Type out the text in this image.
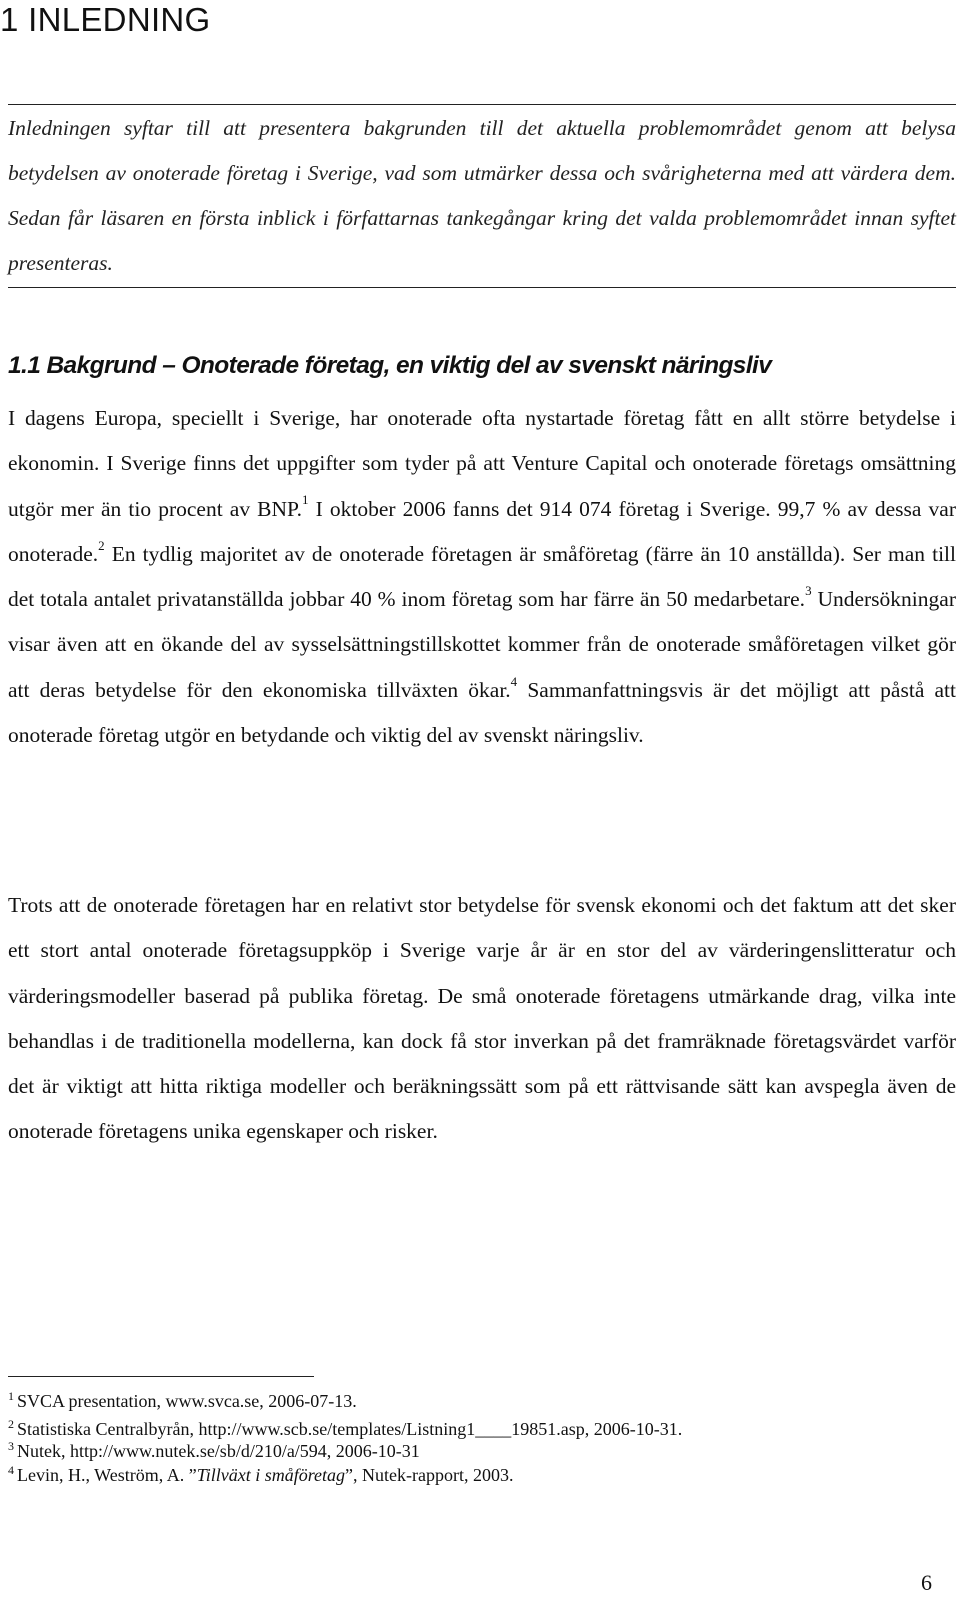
1 INLEDNING

Inledningen syftar till att presentera bakgrunden till det aktuella problemområdet genom att belysa betydelsen av onoterade företag i Sverige, vad som utmärker dessa och svårigheterna med att värdera dem. Sedan får läsaren en första inblick i författarnas tankegångar kring det valda problemområdet innan syftet presenteras.

1.1 Bakgrund – Onoterade företag, en viktig del av svenskt näringsliv

I dagens Europa, speciellt i Sverige, har onoterade ofta nystartade företag fått en allt större betydelse i ekonomin. I Sverige finns det uppgifter som tyder på att Venture Capital och onoterade företags omsättning utgör mer än tio procent av BNP.$^1$ I oktober 2006 fanns det 914 074 företag i Sverige. 99,7 % av dessa var onoterade.$^2$ En tydlig majoritet av de onoterade företagen är småföretag (färre än 10 anställda). Ser man till det totala antalet privatanställda jobbar 40 % inom företag som har färre än 50 medarbetare.$^3$ Undersökningar visar även att en ökande del av sysselsättningstillskottet kommer från de onoterade småföretagen vilket gör att deras betydelse för den ekonomiska tillväxten ökar.$^4$ Sammanfattningsvis är det möjligt att påstå att onoterade företag utgör en betydande och viktig del av svenskt näringsliv.

Trots att de onoterade företagen har en relativt stor betydelse för svensk ekonomi och det faktum att det sker ett stort antal onoterade företagsuppköp i Sverige varje år är en stor del av värderingenslitteratur och värderingsmodeller baserad på publika företag. De små onoterade företagens utmärkande drag, vilka inte behandlas i de traditionella modellerna, kan dock få stor inverkan på det framräknade företagsvärdet varför det är viktigt att hitta riktiga modeller och beräkningssätt som på ett rättvisande sätt kan avspegla även de onoterade företagens unika egenskaper och risker.

$^1$ SVCA presentation, www.svca.se, 2006-07-13.
$^2$ Statistiska Centralbyrån, http://www.scb.se/templates/Listning1____19851.asp, 2006-10-31.
$^3$ Nutek, http://www.nutek.se/sb/d/210/a/594, 2006-10-31
$^4$ Levin, H., Weström, A. ”Tillväxt i småföretag”, Nutek-rapport, 2003.
6
